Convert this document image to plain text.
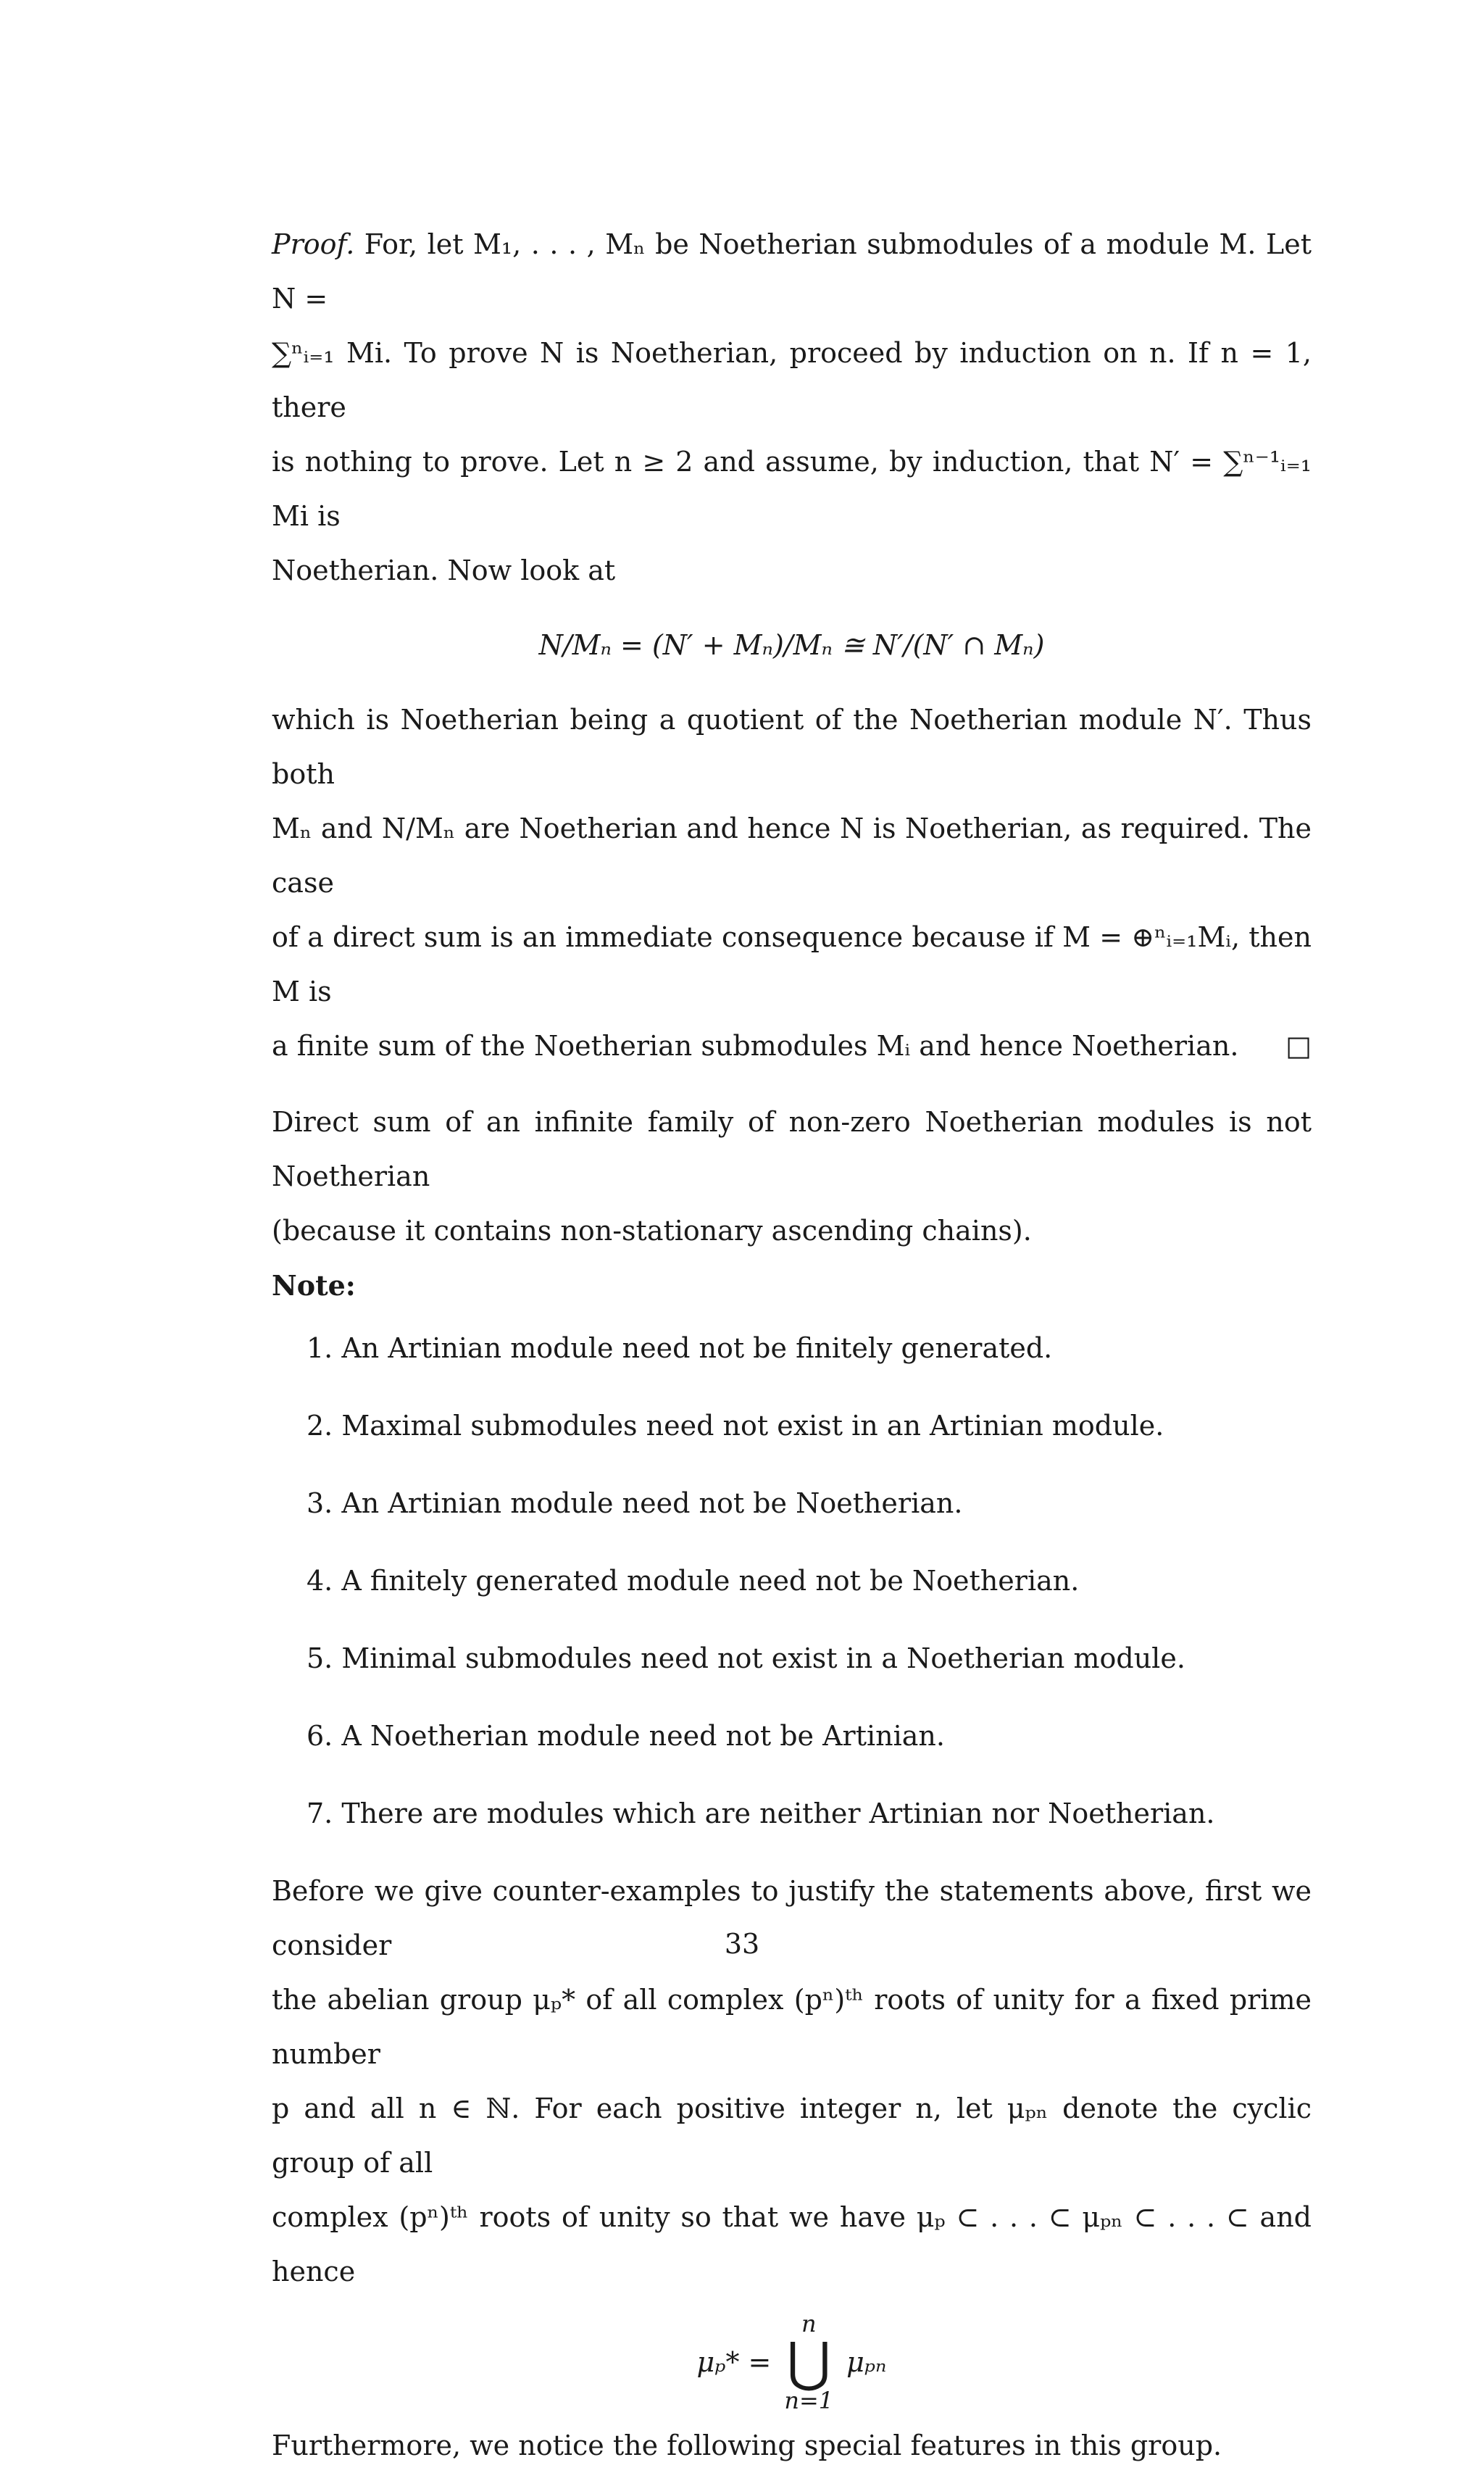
Proof. For, let M₁, . . . , Mₙ be Noetherian submodules of a module M. Let N =
∑ⁿᵢ₌₁ Mi. To prove N is Noetherian, proceed by induction on n. If n = 1, there
is nothing to prove. Let n ≥ 2 and assume, by induction, that N′ = ∑ⁿ⁻¹ᵢ₌₁ Mi is
Noetherian. Now look at

N/Mₙ = (N′ + Mₙ)/Mₙ ≅ N′/(N′ ∩ Mₙ)

which is Noetherian being a quotient of the Noetherian module N′. Thus both
Mₙ and N/Mₙ are Noetherian and hence N is Noetherian, as required. The case
of a direct sum is an immediate consequence because if M = ⊕ⁿᵢ₌₁Mᵢ, then M is
a finite sum of the Noetherian submodules Mᵢ and hence Noetherian. □

Direct sum of an infinite family of non-zero Noetherian modules is not Noetherian
(because it contains non-stationary ascending chains).

Note:

1. An Artinian module need not be finitely generated.
2. Maximal submodules need not exist in an Artinian module.
3. An Artinian module need not be Noetherian.
4. A finitely generated module need not be Noetherian.
5. Minimal submodules need not exist in a Noetherian module.
6. A Noetherian module need not be Artinian.
7. There are modules which are neither Artinian nor Noetherian.

Before we give counter-examples to justify the statements above, first we consider
the abelian group μₚ* of all complex (pⁿ)ᵗʰ roots of unity for a fixed prime number
p and all n ∈ ℕ. For each positive integer n, let μₚₙ denote the cyclic group of all
complex (pⁿ)ᵗʰ roots of unity so that we have μₚ ⊂ . . . ⊂ μₚₙ ⊂ . . . ⊂ and hence

μₚ* =
n
⋃
n=1
μₚₙ

Furthermore, we notice the following special features in this group.

33
